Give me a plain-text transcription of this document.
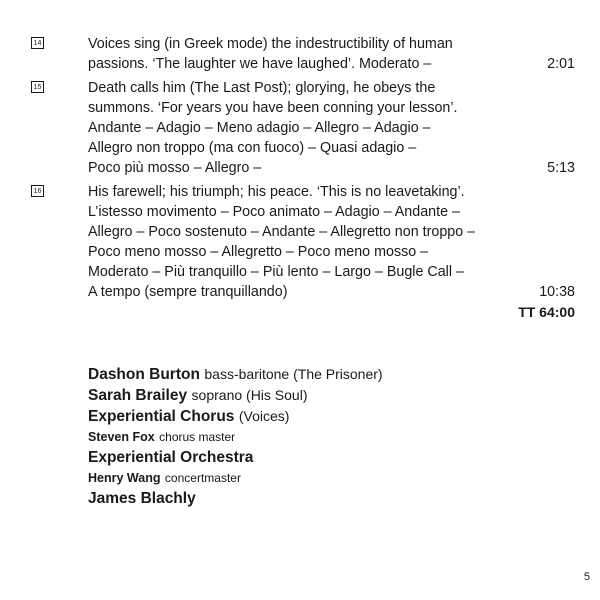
14	Voices sing (in Greek mode) the indestructibility of human
passions. ‘The laughter we have laughed’. Moderato –	2:01
15	Death calls him (The Last Post); glorying, he obeys the
summons. ‘For years you have been conning your lesson’.
Andante – Adagio – Meno adagio – Allegro – Adagio –
Allegro non troppo (ma con fuoco) – Quasi adagio –
Poco più mosso – Allegro –	5:13
16	His farewell; his triumph; his peace. ‘This is no leavetaking’.
L’istesso movimento – Poco animato – Adagio – Andante –
Allegro – Poco sostenuto – Andante – Allegretto non troppo –
Poco meno mosso – Allegretto – Poco meno mosso –
Moderato – Più tranquillo – Più lento – Largo – Bugle Call –
A tempo (sempre tranquillando)	10:38
TT 64:00
Dashon Burton bass-baritone (The Prisoner)
Sarah Brailey soprano (His Soul)
Experiential Chorus (Voices)
Steven Fox chorus master
Experiential Orchestra
Henry Wang concertmaster
James Blachly
5
